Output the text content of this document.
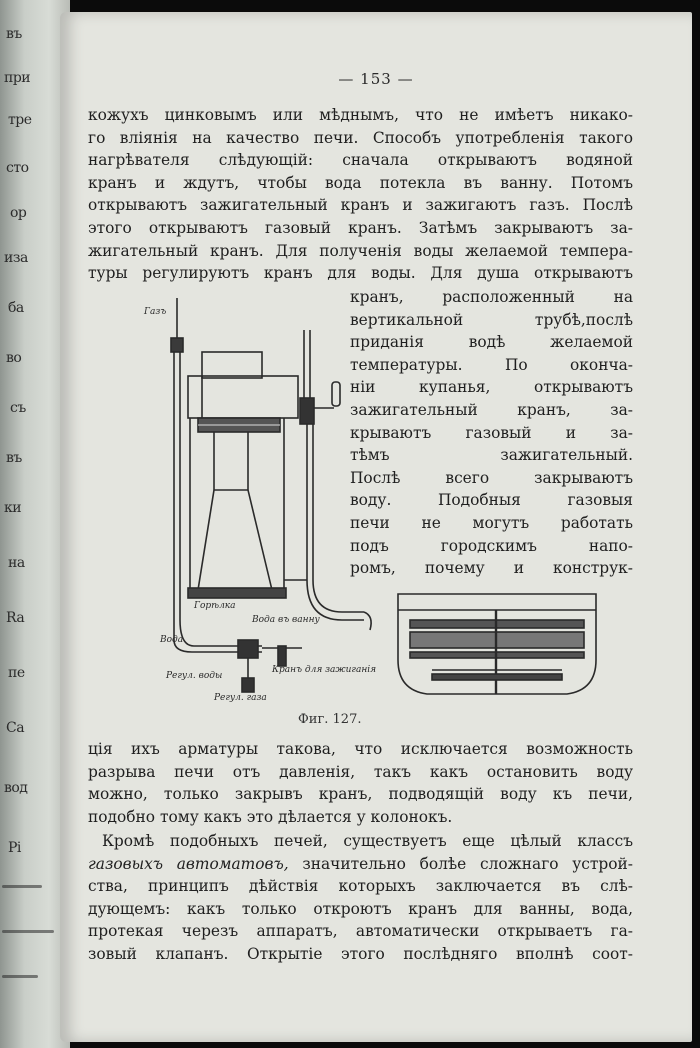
въ
при
тре
сто
ор
иза
ба
во
съ
въ
ки
на
Ra
пе
Ca
вод
Рі
— 153 —

кожухъ цинковымъ или мѣднымъ, что не имѣетъ никако-
го вліянія на качество печи. Способъ употребленія такого
нагрѣвателя слѣдующій: сначала открываютъ водяной
кранъ и ждутъ, чтобы вода потекла въ ванну. Потомъ
открываютъ зажигательный кранъ и зажигаютъ газъ. Послѣ
этого открываютъ газовый кранъ. Затѣмъ закрываютъ за-
жигательный кранъ. Для полученія воды желаемой темпера-
туры регулируютъ кранъ для воды. Для душа открываютъ

кранъ, расположенный на
вертикальной трубѣ,послѣ
приданія водѣ желаемой
температуры. По оконча-
ніи купанья, открываютъ
зажигательный кранъ, за-
крываютъ газовый и за-
тѣмъ зажигательный.
Послѣ всего закрываютъ
воду. Подобныя газовыя
печи не могутъ работать
подъ городскимъ напо-
ромъ, почему и конструк-

Газъ
Горѣлка
Вода въ ванну
Вода
Регул. воды
Кранъ для зажиганія
Регул. газа
Фиг. 127.

ція ихъ арматуры такова, что исключается возможность
разрыва печи отъ давленія, такъ какъ остановить воду
можно, только закрывъ кранъ, подводящій воду къ печи,
подобно тому какъ это дѣлается у колонокъ.

Кромѣ подобныхъ печей, существуетъ еще цѣлый классъ
газовыхъ автоматовъ, значительно болѣе сложнаго устрой-
ства, принципъ дѣйствія которыхъ заключается въ слѣ-
дующемъ: какъ только откроютъ кранъ для ванны, вода,
протекая черезъ аппаратъ, автоматически открываетъ га-
зовый клапанъ. Открытіе этого послѣдняго вполнѣ соот-
